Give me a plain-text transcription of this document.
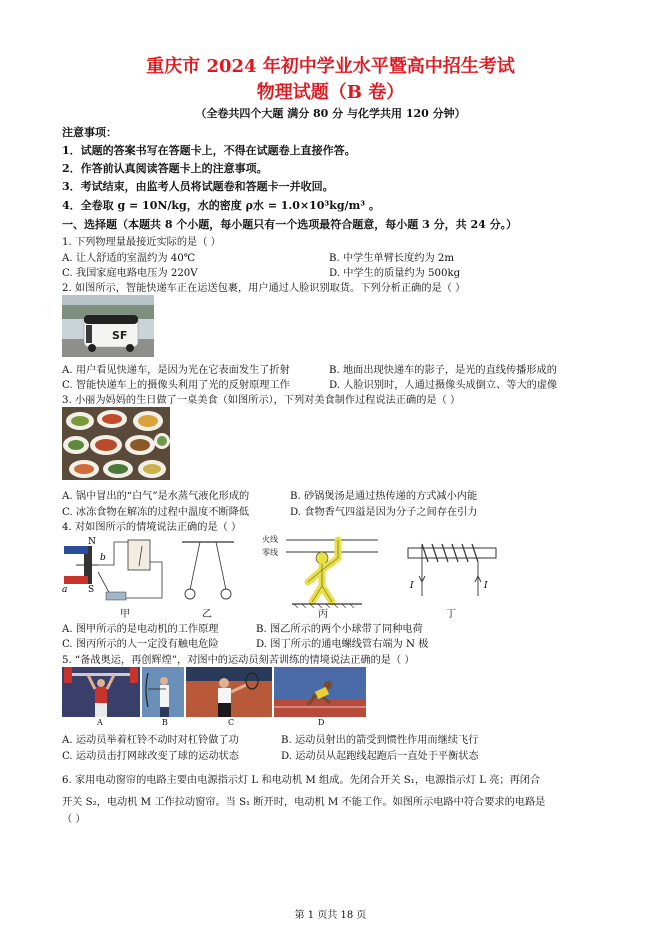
重庆市 2024 年初中学业水平暨高中招生考试
物理试题（B 卷）
（全卷共四个大题 满分 80 分 与化学共用 120 分钟）
注意事项：
1．试题的答案书写在答题卡上，不得在试题卷上直接作答。
2．作答前认真阅读答题卡上的注意事项。
3．考试结束，由监考人员将试题卷和答题卡一并收回。
4．全卷取 g = 10N/kg，水的密度 ρ水 = 1.0×10³kg/m³ 。
一、选择题（本题共 8 个小题，每小题只有一个选项最符合题意，每小题 3 分，共 24 分。）
1. 下列物理量最接近实际的是（ ）
A. 让人舒适的室温约为 40℃	B. 中学生单臂长度约为 2m
C. 我国家庭电路电压为 220V	D. 中学生的质量约为 500kg
2. 如图所示，智能快递车正在运送包裹，用户通过人脸识别取货。下列分析正确的是（ ）
SF
A. 用户看见快递车，是因为光在它表面发生了折射	B. 地面出现快递车的影子，是光的直线传播形成的
C. 智能快递车上的摄像头利用了光的反射原理工作	D. 人脸识别时，人通过摄像头成倒立、等大的虚像
3. 小丽为妈妈的生日做了一桌美食（如图所示），下列对美食制作过程说法正确的是（ ）
A. 锅中冒出的“白气”是水蒸气液化形成的	B. 砂锅煲汤是通过热传递的方式减小内能
C. 冰冻食物在解冻的过程中温度不断降低	D. 食物香气四溢是因为分子之间存在引力
4. 对如图所示的情境说法正确的是（ ）
N
S
a
b
甲	乙
火线
零线
丙
I	I
丁
A. 图甲所示的是电动机的工作原理	B. 图乙所示的两个小球带了同种电荷
C. 图丙所示的人一定没有触电危险	D. 图丁所示的通电螺线管右端为 N 极
5. “备战奥运，再创辉煌”，对图中的运动员刻苦训练的情境说法正确的是（ ）
A	B	C	D
A. 运动员举着杠铃不动时对杠铃做了功	B. 运动员射出的箭受到惯性作用而继续飞行
C. 运动员击打网球改变了球的运动状态	D. 运动员从起跑线起跑后一直处于平衡状态
6. 家用电动窗帘的电路主要由电源指示灯 L 和电动机 M 组成。先闭合开关 S₁，电源指示灯 L 亮；再闭合
开关 S₂，电动机 M 工作拉动窗帘。当 S₁ 断开时，电动机 M 不能工作。如图所示电路中符合要求的电路是
（ ）
第 1 页共 18 页
